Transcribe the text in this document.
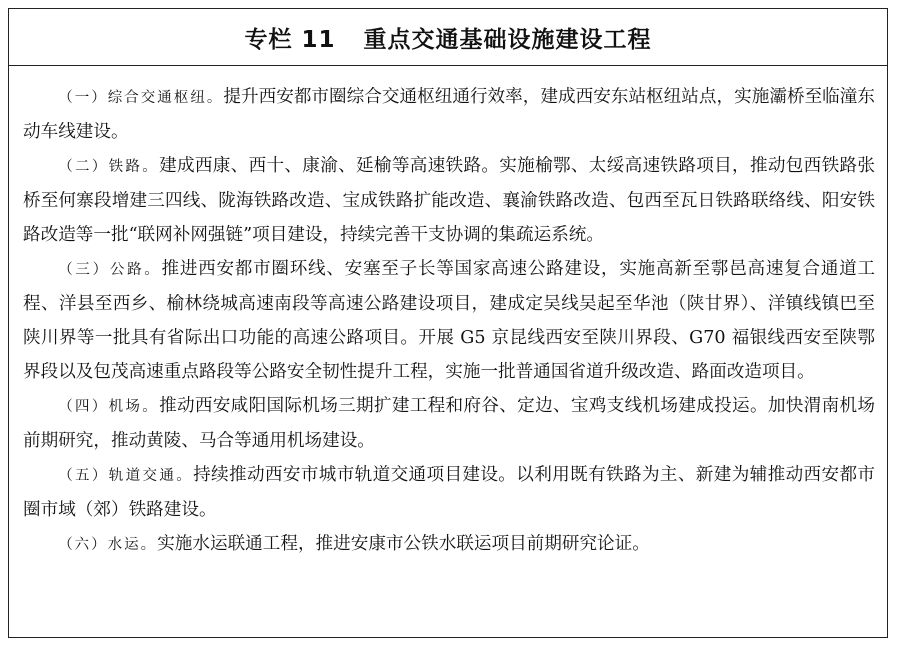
专栏 11 重点交通基础设施建设工程

（一）综合交通枢纽。提升西安都市圈综合交通枢纽通行效率，建成西安东站枢纽站点，实施灞桥至临潼东动车线建设。

（二）铁路。建成西康、西十、康渝、延榆等高速铁路。实施榆鄂、太绥高速铁路项目，推动包西铁路张桥至何寨段增建三四线、陇海铁路改造、宝成铁路扩能改造、襄渝铁路改造、包西至瓦日铁路联络线、阳安铁路改造等一批“联网补网强链”项目建设，持续完善干支协调的集疏运系统。

（三）公路。推进西安都市圈环线、安塞至子长等国家高速公路建设，实施高新至鄠邑高速复合通道工程、洋县至西乡、榆林绕城高速南段等高速公路建设项目，建成定吴线吴起至华池（陕甘界）、洋镇线镇巴至陕川界等一批具有省际出口功能的高速公路项目。开展 G5 京昆线西安至陕川界段、G70 福银线西安至陕鄂界段以及包茂高速重点路段等公路安全韧性提升工程，实施一批普通国省道升级改造、路面改造项目。

（四）机场。推动西安咸阳国际机场三期扩建工程和府谷、定边、宝鸡支线机场建成投运。加快渭南机场前期研究，推动黄陵、马合等通用机场建设。

（五）轨道交通。持续推动西安市城市轨道交通项目建设。以利用既有铁路为主、新建为辅推动西安都市圈市域（郊）铁路建设。

（六）水运。实施水运联通工程，推进安康市公铁水联运项目前期研究论证。
